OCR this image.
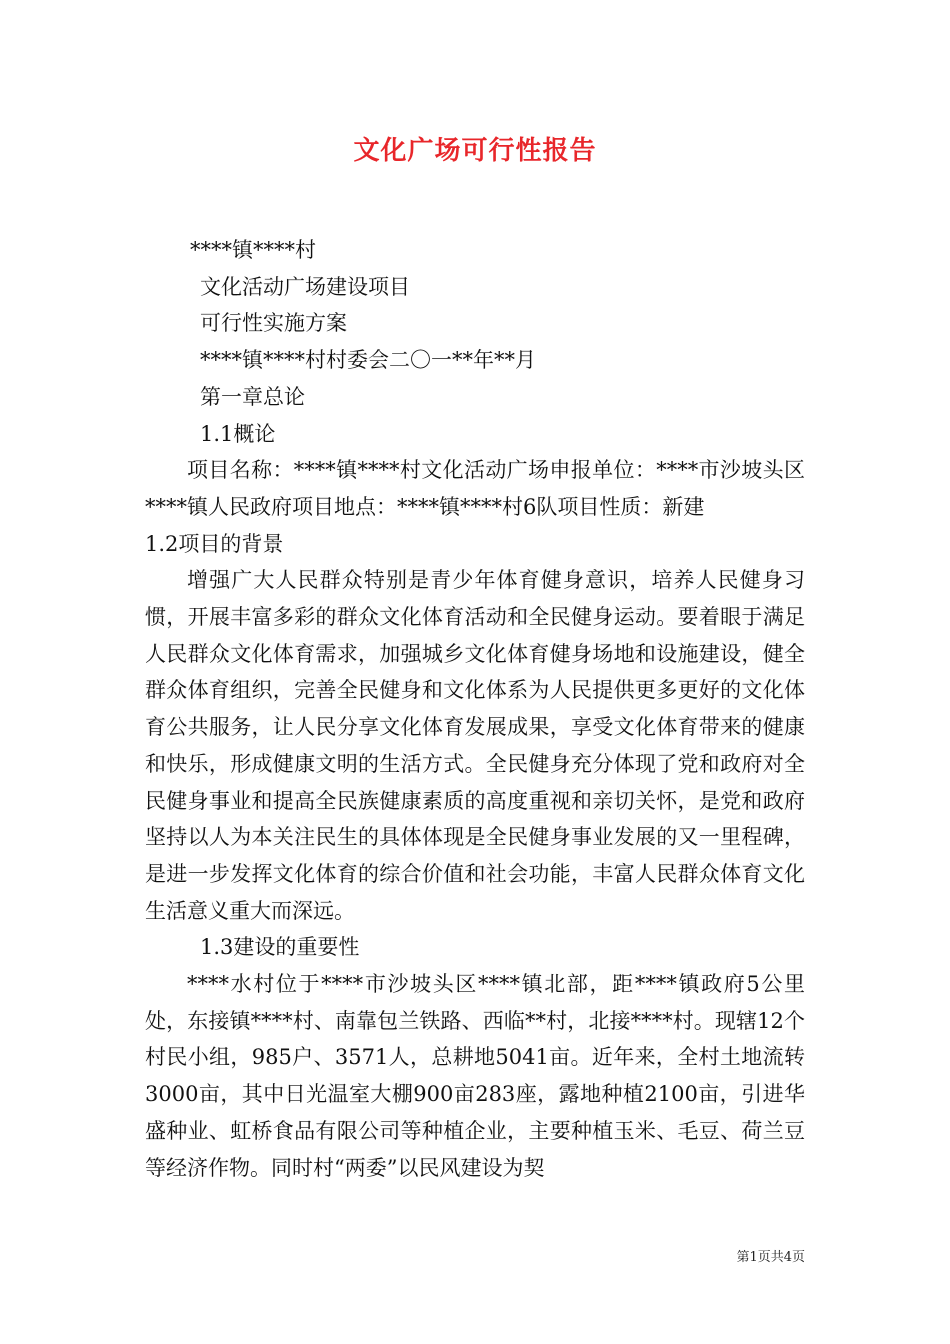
文化广场可行性报告

****镇****村

文化活动广场建设项目

可行性实施方案

****镇****村村委会二〇一**年**月

第一章总论

1.1概论

项目名称：****镇****村文化活动广场申报单位：****市沙坡头区****镇人民政府项目地点：****镇****村6队项目性质：新建

1.2项目的背景

增强广大人民群众特别是青少年体育健身意识，培养人民健身习惯，开展丰富多彩的群众文化体育活动和全民健身运动。要着眼于满足人民群众文化体育需求，加强城乡文化体育健身场地和设施建设，健全群众体育组织，完善全民健身和文化体系为人民提供更多更好的文化体育公共服务，让人民分享文化体育发展成果，享受文化体育带来的健康和快乐，形成健康文明的生活方式。全民健身充分体现了党和政府对全民健身事业和提高全民族健康素质的高度重视和亲切关怀，是党和政府坚持以人为本关注民生的具体体现是全民健身事业发展的又一里程碑，是进一步发挥文化体育的综合价值和社会功能，丰富人民群众体育文化生活意义重大而深远。

1.3建设的重要性

****水村位于****市沙坡头区****镇北部，距****镇政府5公里处，东接镇****村、南靠包兰铁路、西临**村，北接****村。现辖12个村民小组，985户、3571人，总耕地5041亩。近年来，全村土地流转3000亩，其中日光温室大棚900亩283座，露地种植2100亩，引进华盛种业、虹桥食品有限公司等种植企业，主要种植玉米、毛豆、荷兰豆等经济作物。同时村“两委”以民风建设为契

第1页共4页
